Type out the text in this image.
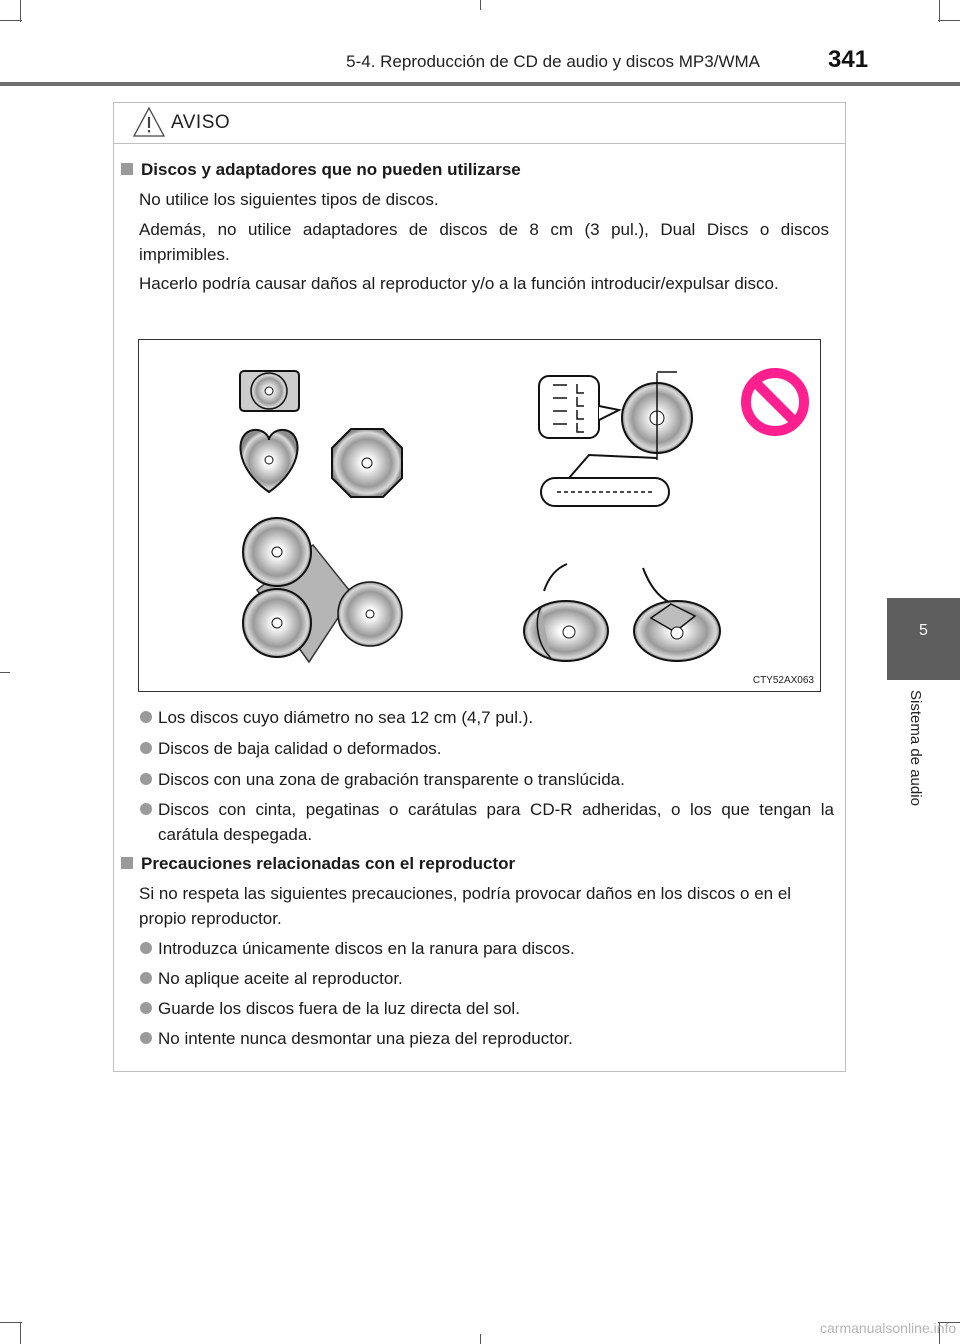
5-4. Reproducción de CD de audio y discos MP3/WMA	341
5
Sistema de audio
AVISO
Discos y adaptadores que no pueden utilizarse
No utilice los siguientes tipos de discos.
Además, no utilice adaptadores de discos de 8 cm (3 pul.), Dual Discs o discos imprimibles.
Hacerlo podría causar daños al reproductor y/o a la función introducir/expulsar disco.
CTY52AX063
Los discos cuyo diámetro no sea 12 cm (4,7 pul.).
Discos de baja calidad o deformados.
Discos con una zona de grabación transparente o translúcida.
Discos con cinta, pegatinas o carátulas para CD-R adheridas, o los que tengan la carátula despegada.
Precauciones relacionadas con el reproductor
Si no respeta las siguientes precauciones, podría provocar daños en los discos o en el propio reproductor.
Introduzca únicamente discos en la ranura para discos.
No aplique aceite al reproductor.
Guarde los discos fuera de la luz directa del sol.
No intente nunca desmontar una pieza del reproductor.
carmanualsonline.info
